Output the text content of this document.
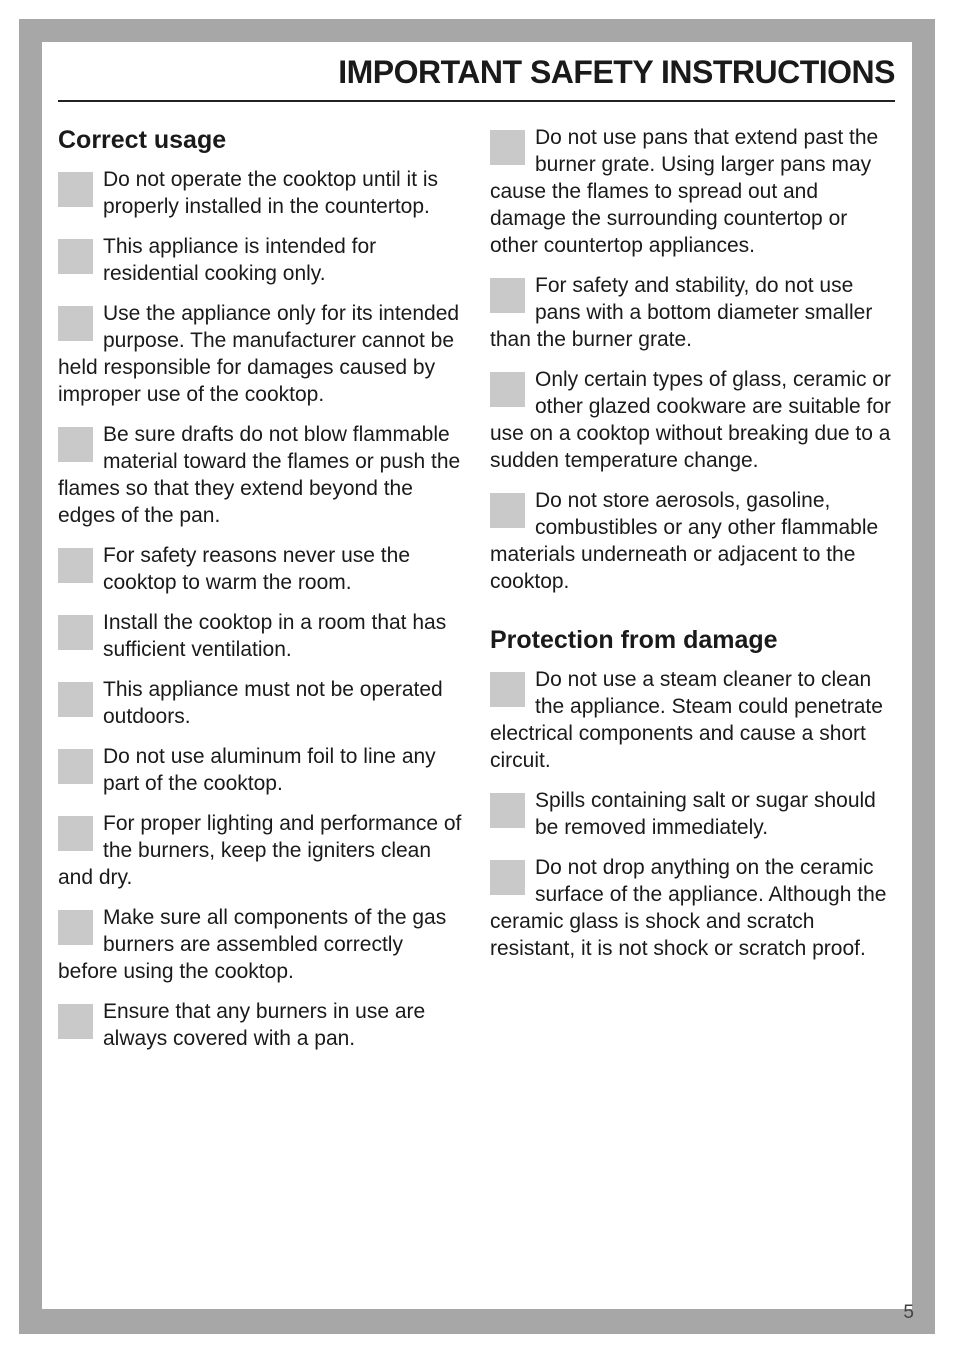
IMPORTANT SAFETY INSTRUCTIONS
Correct usage

Do not operate the cooktop until it is properly installed in the countertop.

This appliance is intended for residential cooking only.

Use the appliance only for its intended purpose. The manufacturer cannot be held responsible for damages caused by improper use of the cooktop.

Be sure drafts do not blow flammable material toward the flames or push the flames so that they extend beyond the edges of the pan.

For safety reasons never use the cooktop to warm the room.

Install the cooktop in a room that has sufficient ventilation.

This appliance must not be operated outdoors.

Do not use aluminum foil to line any part of the cooktop.

For proper lighting and performance of the burners, keep the igniters clean and dry.

Make sure all components of the gas burners are assembled correctly before using the cooktop.

Ensure that any burners in use are always covered with a pan.

Do not use pans that extend past the burner grate. Using larger pans may cause the flames to spread out and damage the surrounding countertop or other countertop appliances.

For safety and stability, do not use pans with a bottom diameter smaller than the burner grate.

Only certain types of glass, ceramic or other glazed cookware are suitable for use on a cooktop without breaking due to a sudden temperature change.

Do not store aerosols, gasoline, combustibles or any other flammable materials underneath or adjacent to the cooktop.

Protection from damage

Do not use a steam cleaner to clean the appliance. Steam could penetrate electrical components and cause a short circuit.

Spills containing salt or sugar should be removed immediately.

Do not drop anything on the ceramic surface of the appliance. Although the ceramic glass is shock and scratch resistant, it is not shock or scratch proof.

5
